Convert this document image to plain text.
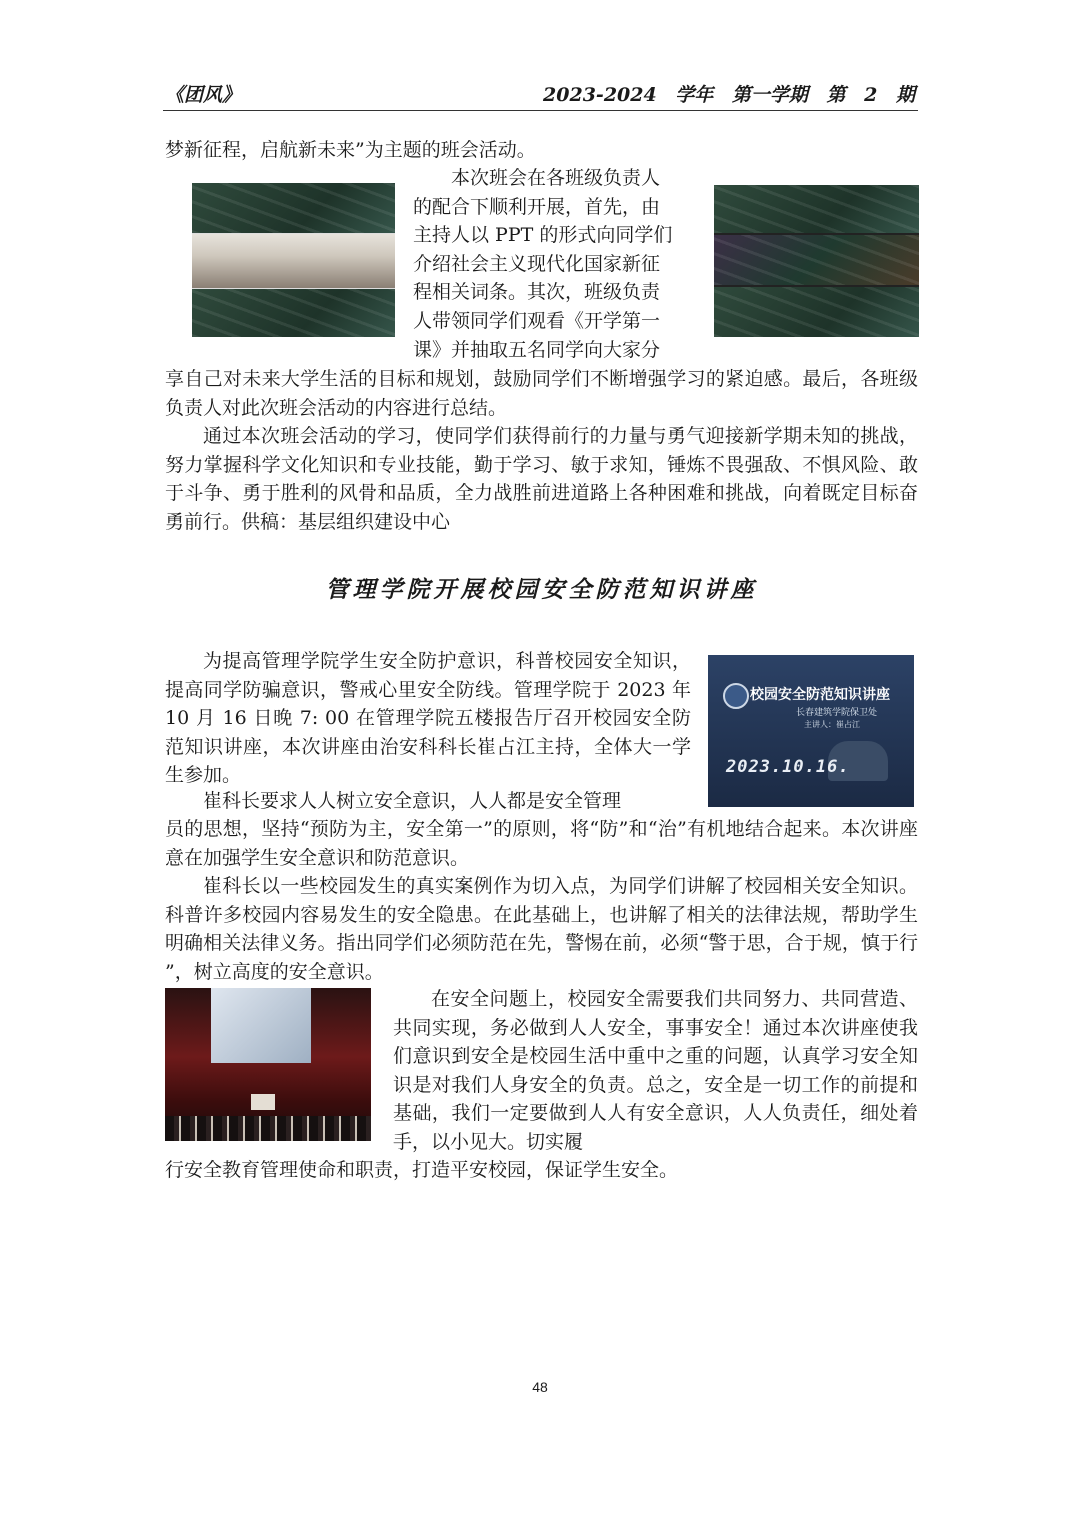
《团风》	2023-2024 学年 第一学期 第 2 期

梦新征程，启航新未来”为主题的班会活动。

本次班会在各班级负责人
的配合下顺利开展，首先，由
主持人以 PPT 的形式向同学们
介绍社会主义现代化国家新征
程相关词条。其次，班级负责
人带领同学们观看《开学第一
课》并抽取五名同学向大家分

享自己对未来大学生活的目标和规划，鼓励同学们不断增强学习的紧迫感。最后，各班级负责人对此次班会活动的内容进行总结。

通过本次班会活动的学习，使同学们获得前行的力量与勇气迎接新学期未知的挑战，努力掌握科学文化知识和专业技能，勤于学习、敏于求知，锤炼不畏强敌、不惧风险、敢于斗争、勇于胜利的风骨和品质，全力战胜前进道路上各种困难和挑战，向着既定目标奋勇前行。供稿：基层组织建设中心

管理学院开展校园安全防范知识讲座

为提高管理学院学生安全防护意识，科普校园安全知识，提高同学防骗意识，警戒心里安全防线。管理学院于 2023 年 10 月 16 日晚 7: 00 在管理学院五楼报告厅召开校园安全防范知识讲座，本次讲座由治安科科长崔占江主持，全体大一学生参加。

校园安全防范知识讲座
长春建筑学院保卫处
主讲人：崔占江
2023.10.16.

崔科长要求人人树立安全意识，人人都是安全管理

员的思想，坚持“预防为主，安全第一”的原则，将“防”和“治”有机地结合起来。本次讲座意在加强学生安全意识和防范意识。

崔科长以一些校园发生的真实案例作为切入点，为同学们讲解了校园相关安全知识。科普许多校园内容易发生的安全隐患。在此基础上，也讲解了相关的法律法规，帮助学生明确相关法律义务。指出同学们必须防范在先，警惕在前，必须“警于思，合于规，慎于行 ”，树立高度的安全意识。

在安全问题上，校园安全需要我们共同努力、共同营造、共同实现，务必做到人人安全，事事安全！通过本次讲座使我们意识到安全是校园生活中重中之重的问题，认真学习安全知识是对我们人身安全的负责。总之，安全是一切工作的前提和基础，我们一定要做到人人有安全意识，人人负责任，细处着手，以小见大。切实履

行安全教育管理使命和职责，打造平安校园，保证学生安全。

48
